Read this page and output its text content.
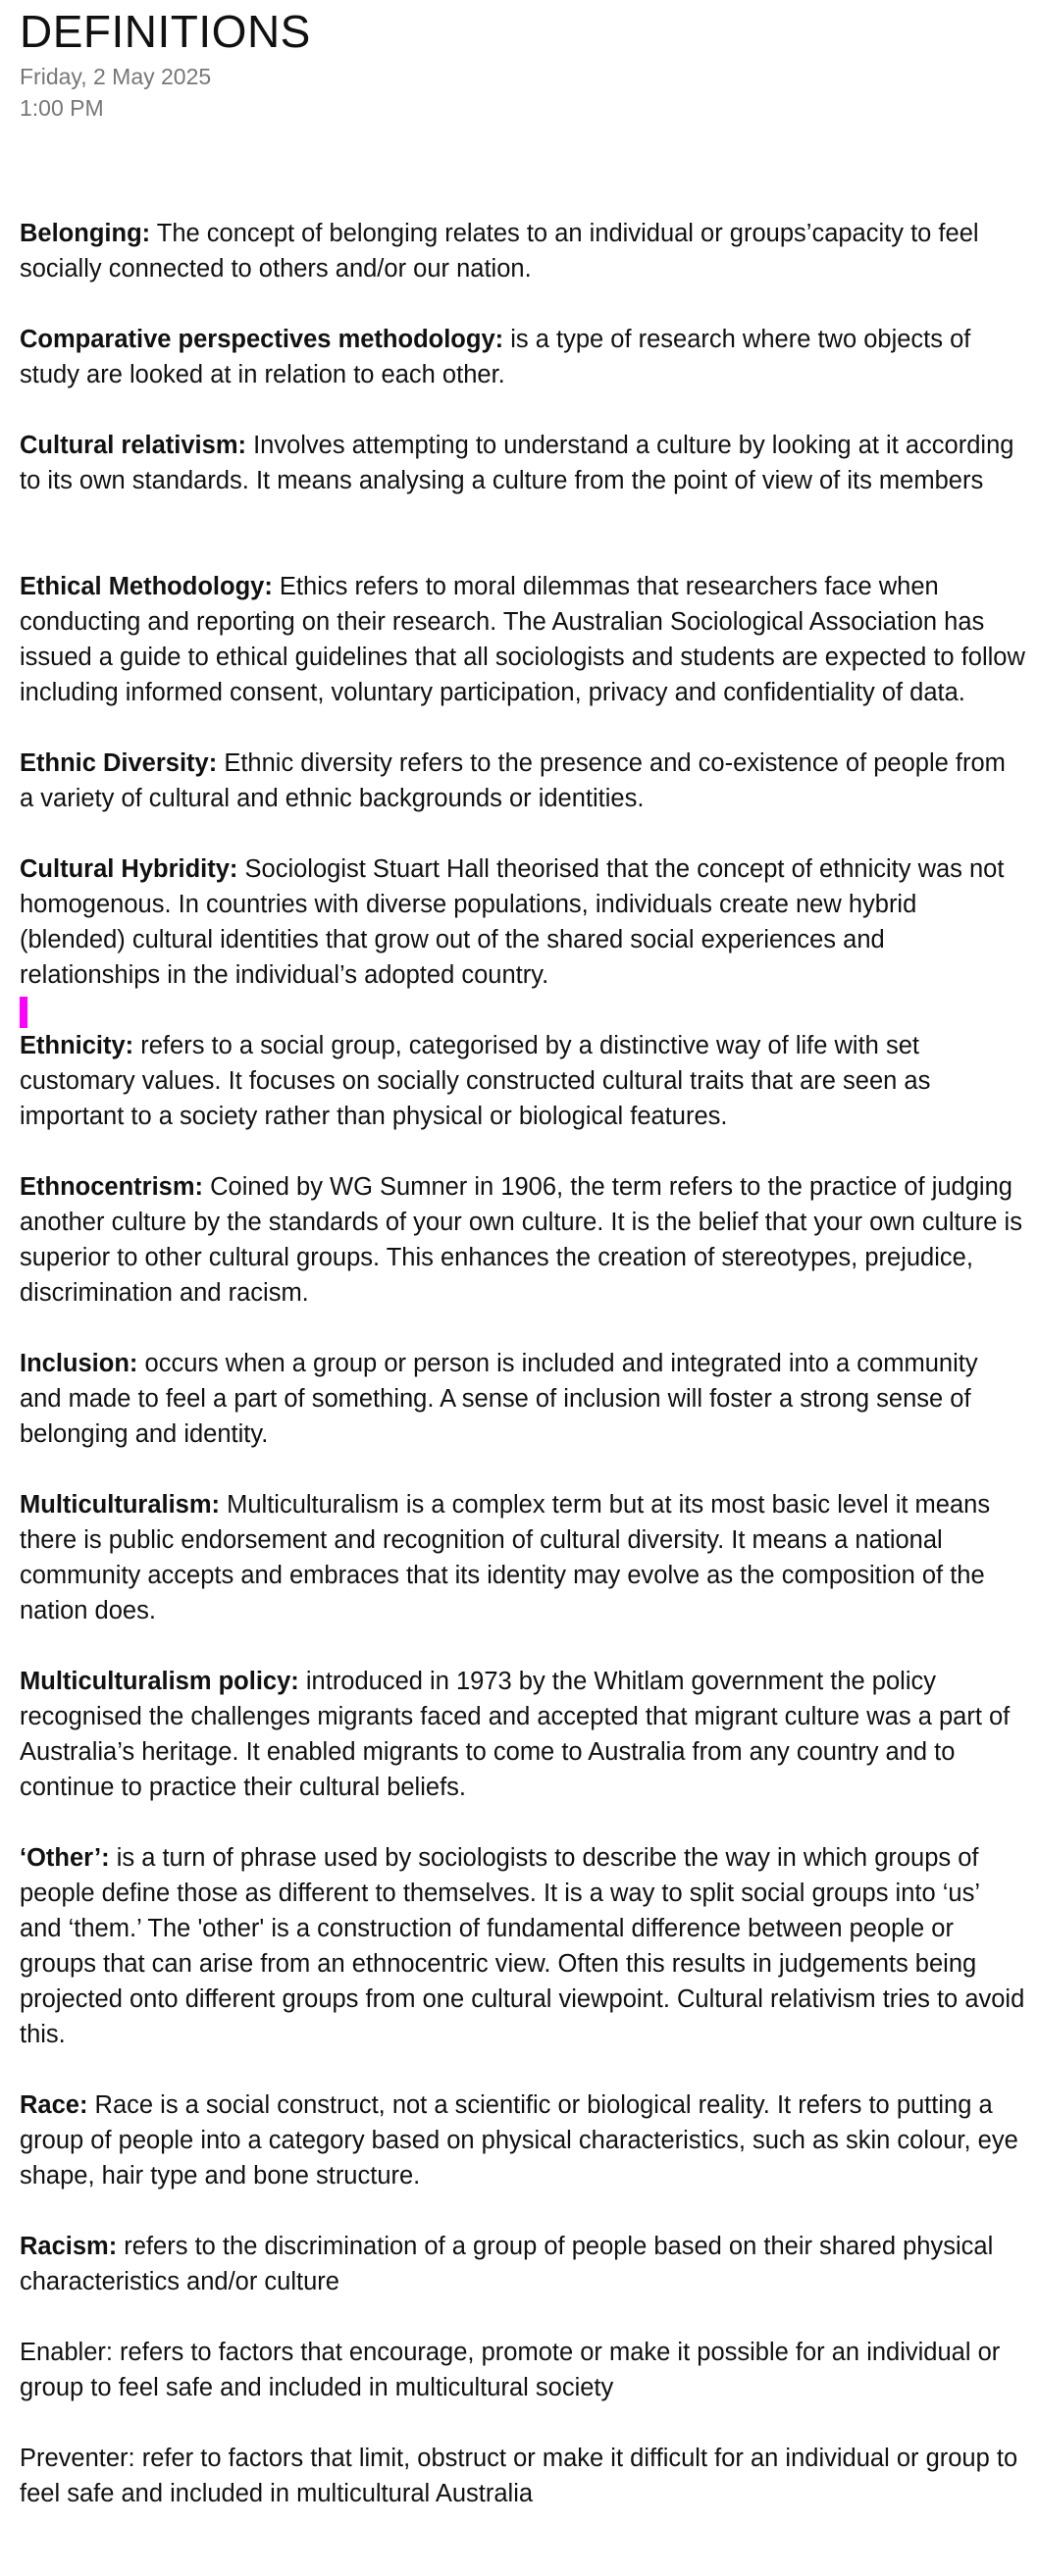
DEFINITIONS
Friday, 2 May 2025
1:00 PM

Belonging: The concept of belonging relates to an individual or groups’capacity to feel socially connected to others and/or our nation.

Comparative perspectives methodology: is a type of research where two objects of study are looked at in relation to each other.

Cultural relativism: Involves attempting to understand a culture by looking at it according to its own standards. It means analysing a culture from the point of view of its members

Ethical Methodology: Ethics refers to moral dilemmas that researchers face when conducting and reporting on their research. The Australian Sociological Association has issued a guide to ethical guidelines that all sociologists and students are expected to follow including informed consent, voluntary participation, privacy and confidentiality of data.

Ethnic Diversity: Ethnic diversity refers to the presence and co-existence of people from a variety of cultural and ethnic backgrounds or identities.

Cultural Hybridity: Sociologist Stuart Hall theorised that the concept of ethnicity was not homogenous. In countries with diverse populations, individuals create new hybrid (blended) cultural identities that grow out of the shared social experiences and relationships in the individual’s adopted country.

Ethnicity: refers to a social group, categorised by a distinctive way of life with set customary values. It focuses on socially constructed cultural traits that are seen as important to a society rather than physical or biological features.

Ethnocentrism: Coined by WG Sumner in 1906, the term refers to the practice of judging another culture by the standards of your own culture. It is the belief that your own culture is superior to other cultural groups. This enhances the creation of stereotypes, prejudice, discrimination and racism.

Inclusion: occurs when a group or person is included and integrated into a community and made to feel a part of something. A sense of inclusion will foster a strong sense of belonging and identity.

Multiculturalism: Multiculturalism is a complex term but at its most basic level it means there is public endorsement and recognition of cultural diversity. It means a national community accepts and embraces that its identity may evolve as the composition of the nation does.

Multiculturalism policy: introduced in 1973 by the Whitlam government the policy recognised the challenges migrants faced and accepted that migrant culture was a part of Australia’s heritage. It enabled migrants to come to Australia from any country and to continue to practice their cultural beliefs.

‘Other’: is a turn of phrase used by sociologists to describe the way in which groups of people define those as different to themselves. It is a way to split social groups into ‘us’ and ‘them.’ The 'other' is a construction of fundamental difference between people or groups that can arise from an ethnocentric view. Often this results in judgements being projected onto different groups from one cultural viewpoint. Cultural relativism tries to avoid this.

Race: Race is a social construct, not a scientific or biological reality. It refers to putting a group of people into a category based on physical characteristics, such as skin colour, eye shape, hair type and bone structure.

Racism: refers to the discrimination of a group of people based on their shared physical characteristics and/or culture

Enabler: refers to factors that encourage, promote or make it possible for an individual or group to feel safe and included in multicultural society

Preventer: refer to factors that limit, obstruct or make it difficult for an individual or group to feel safe and included in multicultural Australia
